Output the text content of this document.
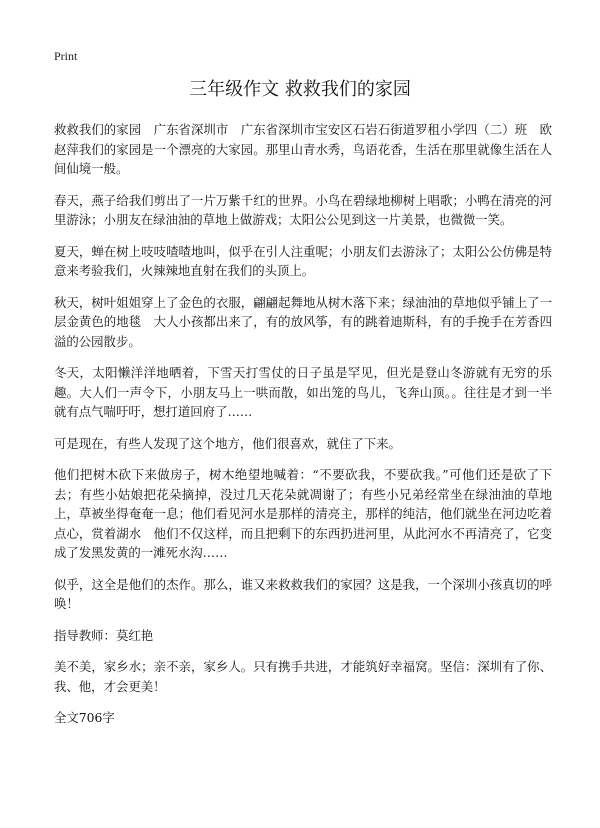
Print
三年级作文 救救我们的家园

救救我们的家园　广东省深圳市　广东省深圳市宝安区石岩石街道罗租小学四（二）班　欧赵萍我们的家园是一个漂亮的大家园。那里山青水秀，鸟语花香，生活在那里就像生活在人间仙境一般。

春天，燕子给我们剪出了一片万紫千红的世界。小鸟在碧绿地柳树上唱歌；小鸭在清亮的河里游泳；小朋友在绿油油的草地上做游戏；太阳公公见到这一片美景，也微微一笑。

夏天，蝉在树上吱吱喳喳地叫，似乎在引人注重呢；小朋友们去游泳了；太阳公公仿佛是特意来考验我们，火辣辣地直射在我们的头顶上。

秋天，树叶姐姐穿上了金色的衣服，翩翩起舞地从树木落下来；绿油油的草地似乎铺上了一层金黄色的地毯　大人小孩都出来了，有的放风筝，有的跳着迪斯科，有的手挽手在芳香四溢的公园散步。

冬天，太阳懒洋洋地晒着，下雪天打雪仗的日子虽是罕见，但光是登山冬游就有无穷的乐趣。大人们一声令下，小朋友马上一哄而散，如出笼的鸟儿，飞奔山顶。。往往是才到一半就有点气喘吁吁，想打道回府了……

可是现在，有些人发现了这个地方，他们很喜欢，就住了下来。

他们把树木砍下来做房子，树木绝望地喊着：“不要砍我，不要砍我。”可他们还是砍了下去；有些小姑娘把花朵摘掉，没过几天花朵就凋谢了；有些小兄弟经常坐在绿油油的草地上，草被坐得奄奄一息；他们看见河水是那样的清亮主，那样的纯洁，他们就坐在河边吃着点心，赏着湖水　他们不仅这样，而且把剩下的东西扔进河里，从此河水不再清亮了，它变成了发黑发黄的一滩死水沟……

似乎，这全是他们的杰作。那么，谁又来救救我们的家园？这是我，一个深圳小孩真切的呼唤！

指导教师：莫红艳

美不美，家乡水；亲不亲，家乡人。只有携手共进，才能筑好幸福窝。坚信：深圳有了你、我、他，才会更美！

全文706字
